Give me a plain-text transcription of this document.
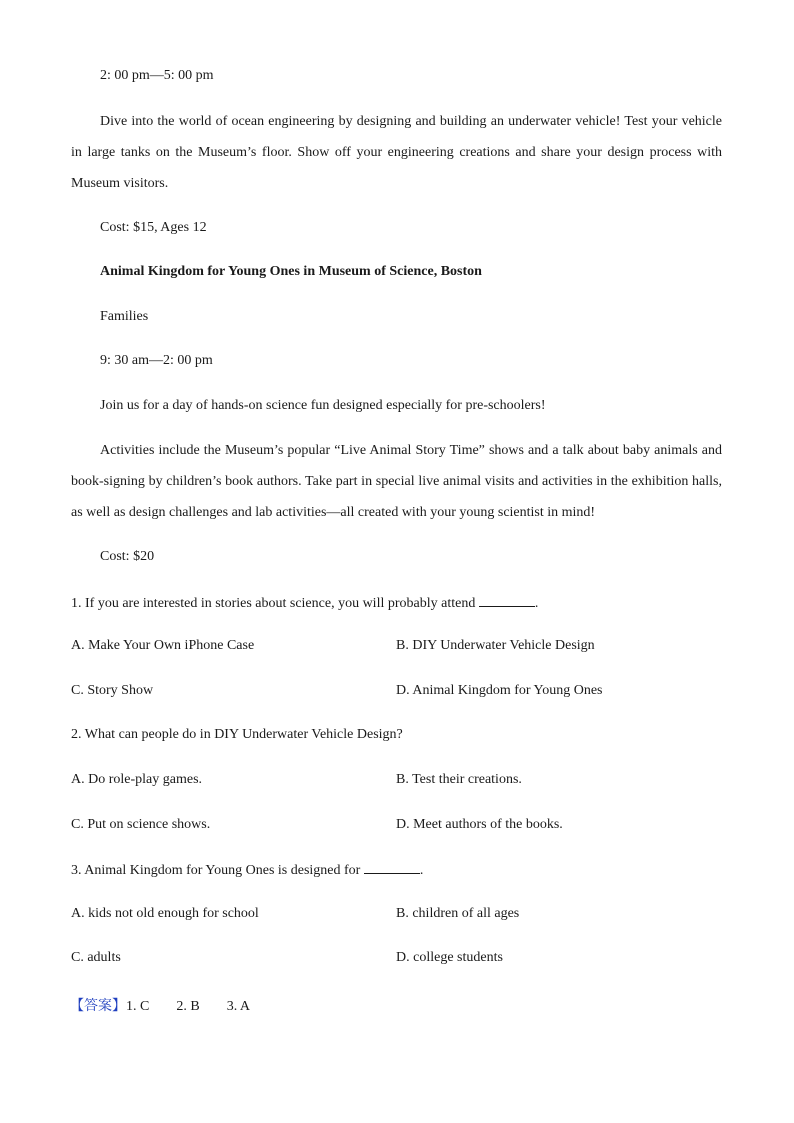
2: 00 pm—5: 00 pm
Dive into the world of ocean engineering by designing and building an underwater vehicle! Test your vehicle in large tanks on the Museum’s floor. Show off your engineering creations and share your design process with Museum visitors.
Cost: $15, Ages 12
Animal Kingdom for Young Ones in Museum of Science, Boston
Families
9: 30 am—2: 00 pm
Join us for a day of hands-on science fun designed especially for pre-schoolers!
Activities include the Museum’s popular “Live Animal Story Time” shows and a talk about baby animals and book-signing by children’s book authors. Take part in special live animal visits and activities in the exhibition halls, as well as design challenges and lab activities—all created with your young scientist in mind!
Cost: $20
1. If you are interested in stories about science, you will probably attend	.
A. Make Your Own iPhone Case	B. DIY Underwater Vehicle Design
C. Story Show	D. Animal Kingdom for Young Ones
2. What can people do in DIY Underwater Vehicle Design?
A. Do role-play games.	B. Test their creations.
C. Put on science shows.	D. Meet authors of the books.
3. Animal Kingdom for Young Ones is designed for	.
A. kids not old enough for school	B. children of all ages
C. adults	D. college students
【答案】1. C 2. B 3. A
